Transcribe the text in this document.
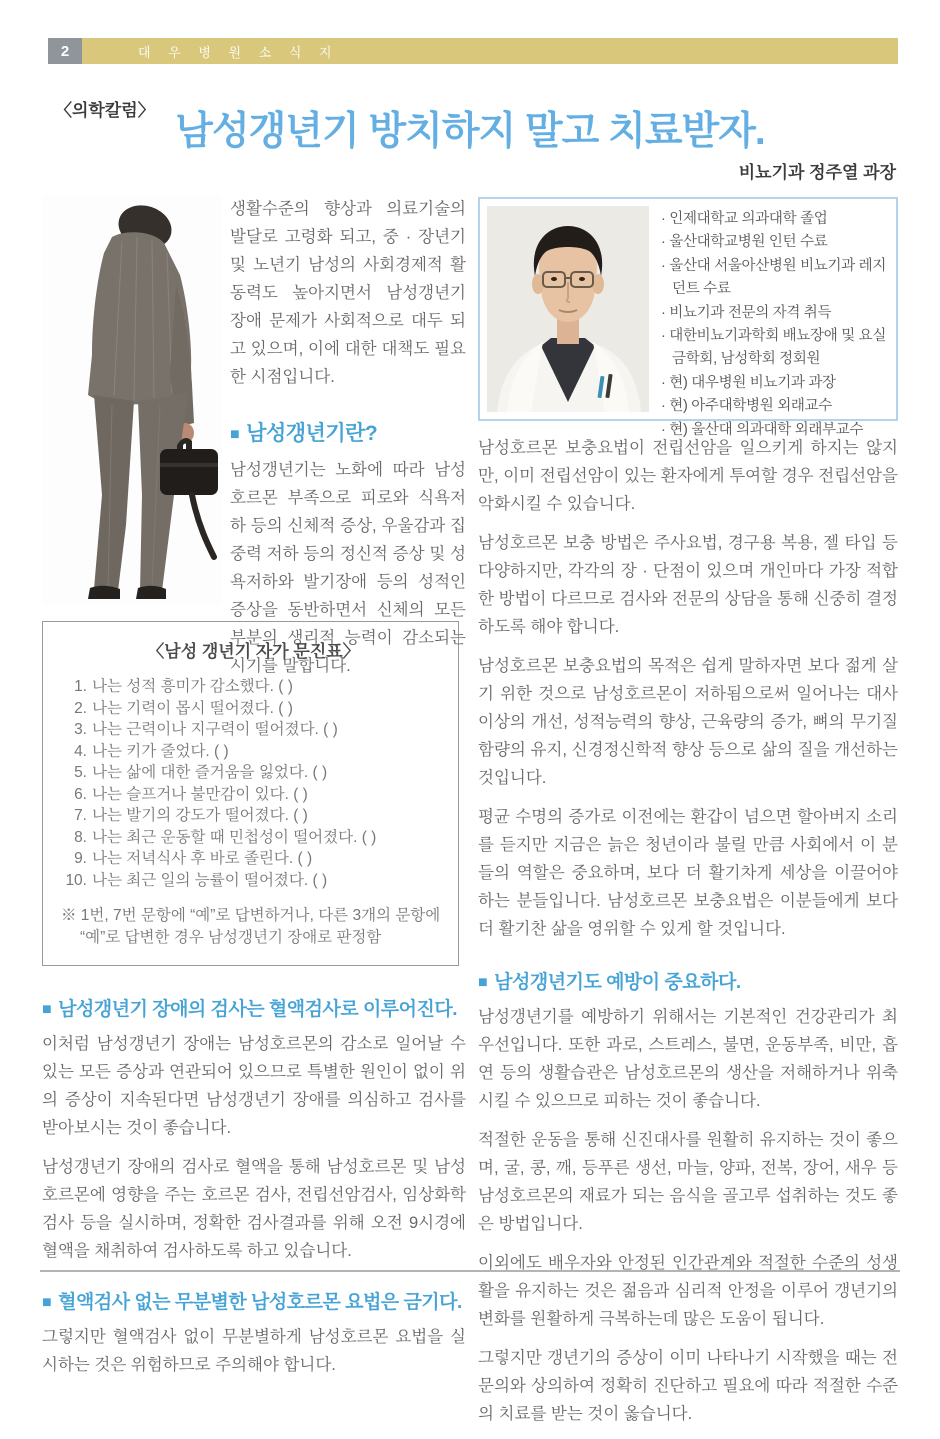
2	대 우 병 원 소 식 지
〈의학칼럼〉 남성갱년기 방치하지 말고 치료받자.
비뇨기과 정주열 과장
생활수준의 향상과 의료기술의 발달로 고령화 되고, 중 · 장년기 및 노년기 남성의 사회경제적 활동력도 높아지면서 남성갱년기 장애 문제가 사회적으로 대두 되고 있으며, 이에 대한 대책도 필요한 시점입니다.
■ 남성갱년기란?
남성갱년기는 노화에 따라 남성호르몬 부족으로 피로와 식욕저하 등의 신체적 증상, 우울감과 집중력 저하 등의 정신적 증상 및 성욕저하와 발기장애 등의 성적인 증상을 동반하면서 신체의 모든 부분의 생리적 능력이 감소되는 시기를 말합니다.
〈남성 갱년기 자가 문진표〉
1. 나는 성적 흥미가 감소했다. ( )
2. 나는 기력이 몹시 떨어졌다. ( )
3. 나는 근력이나 지구력이 떨어졌다. ( )
4. 나는 키가 줄었다. ( )
5. 나는 삶에 대한 즐거움을 잃었다. ( )
6. 나는 슬프거나 불만감이 있다. ( )
7. 나는 발기의 강도가 떨어졌다. ( )
8. 나는 최근 운동할 때 민첩성이 떨어졌다. ( )
9. 나는 저녁식사 후 바로 졸린다. ( )
10. 나는 최근 일의 능률이 떨어졌다. ( )
※ 1번, 7번 문항에 “예”로 답변하거나, 다른 3개의 문항에 “예”로 답변한 경우 남성갱년기 장애로 판정함
■ 남성갱년기 장애의 검사는 혈액검사로 이루어진다.
이처럼 남성갱년기 장애는 남성호르몬의 감소로 일어날 수 있는 모든 증상과 연관되어 있으므로 특별한 원인이 없이 위의 증상이 지속된다면 남성갱년기 장애를 의심하고 검사를 받아보시는 것이 좋습니다.
남성갱년기 장애의 검사로 혈액을 통해 남성호르몬 및 남성호르몬에 영향을 주는 호르몬 검사, 전립선암검사, 임상화학검사 등을 실시하며, 정확한 검사결과를 위해 오전 9시경에 혈액을 채취하여 검사하도록 하고 있습니다.
■ 혈액검사 없는 무분별한 남성호르몬 요법은 금기다.
그렇지만 혈액검사 없이 무분별하게 남성호르몬 요법을 실시하는 것은 위험하므로 주의해야 합니다.
· 인제대학교 의과대학 졸업
· 울산대학교병원 인턴 수료
· 울산대 서울아산병원 비뇨기과 레지던트 수료
· 비뇨기과 전문의 자격 취득
· 대한비뇨기과학회 배뇨장애 및 요실금학회, 남성학회 정회원
· 현) 대우병원 비뇨기과 과장
· 현) 아주대학병원 외래교수
· 현) 울산대 의과대학 외래부교수
남성호르몬 보충요법이 전립선암을 일으키게 하지는 않지만, 이미 전립선암이 있는 환자에게 투여할 경우 전립선암을 악화시킬 수 있습니다.
남성호르몬 보충 방법은 주사요법, 경구용 복용, 젤 타입 등 다양하지만, 각각의 장 · 단점이 있으며 개인마다 가장 적합한 방법이 다르므로 검사와 전문의 상담을 통해 신중히 결정하도록 해야 합니다.
남성호르몬 보충요법의 목적은 쉽게 말하자면 보다 젊게 살기 위한 것으로 남성호르몬이 저하됨으로써 일어나는 대사이상의 개선, 성적능력의 향상, 근육량의 증가, 뼈의 무기질 함량의 유지, 신경정신학적 향상 등으로 삶의 질을 개선하는 것입니다.
평균 수명의 증가로 이전에는 환갑이 넘으면 할아버지 소리를 듣지만 지금은 늙은 청년이라 불릴 만큼 사회에서 이 분들의 역할은 중요하며, 보다 더 활기차게 세상을 이끌어야 하는 분들입니다. 남성호르몬 보충요법은 이분들에게 보다 더 활기찬 삶을 영위할 수 있게 할 것입니다.
■ 남성갱년기도 예방이 중요하다.
남성갱년기를 예방하기 위해서는 기본적인 건강관리가 최우선입니다. 또한 과로, 스트레스, 불면, 운동부족, 비만, 흡연 등의 생활습관은 남성호르몬의 생산을 저해하거나 위축시킬 수 있으므로 피하는 것이 좋습니다.
적절한 운동을 통해 신진대사를 원활히 유지하는 것이 좋으며, 굴, 콩, 깨, 등푸른 생선, 마늘, 양파, 전복, 장어, 새우 등 남성호르몬의 재료가 되는 음식을 골고루 섭취하는 것도 좋은 방법입니다.
이외에도 배우자와 안정된 인간관계와 적절한 수준의 성생활을 유지하는 것은 젊음과 심리적 안정을 이루어 갱년기의 변화를 원활하게 극복하는데 많은 도움이 됩니다.
그렇지만 갱년기의 증상이 이미 나타나기 시작했을 때는 전문의와 상의하여 정확히 진단하고 필요에 따라 적절한 수준의 치료를 받는 것이 옳습니다.
